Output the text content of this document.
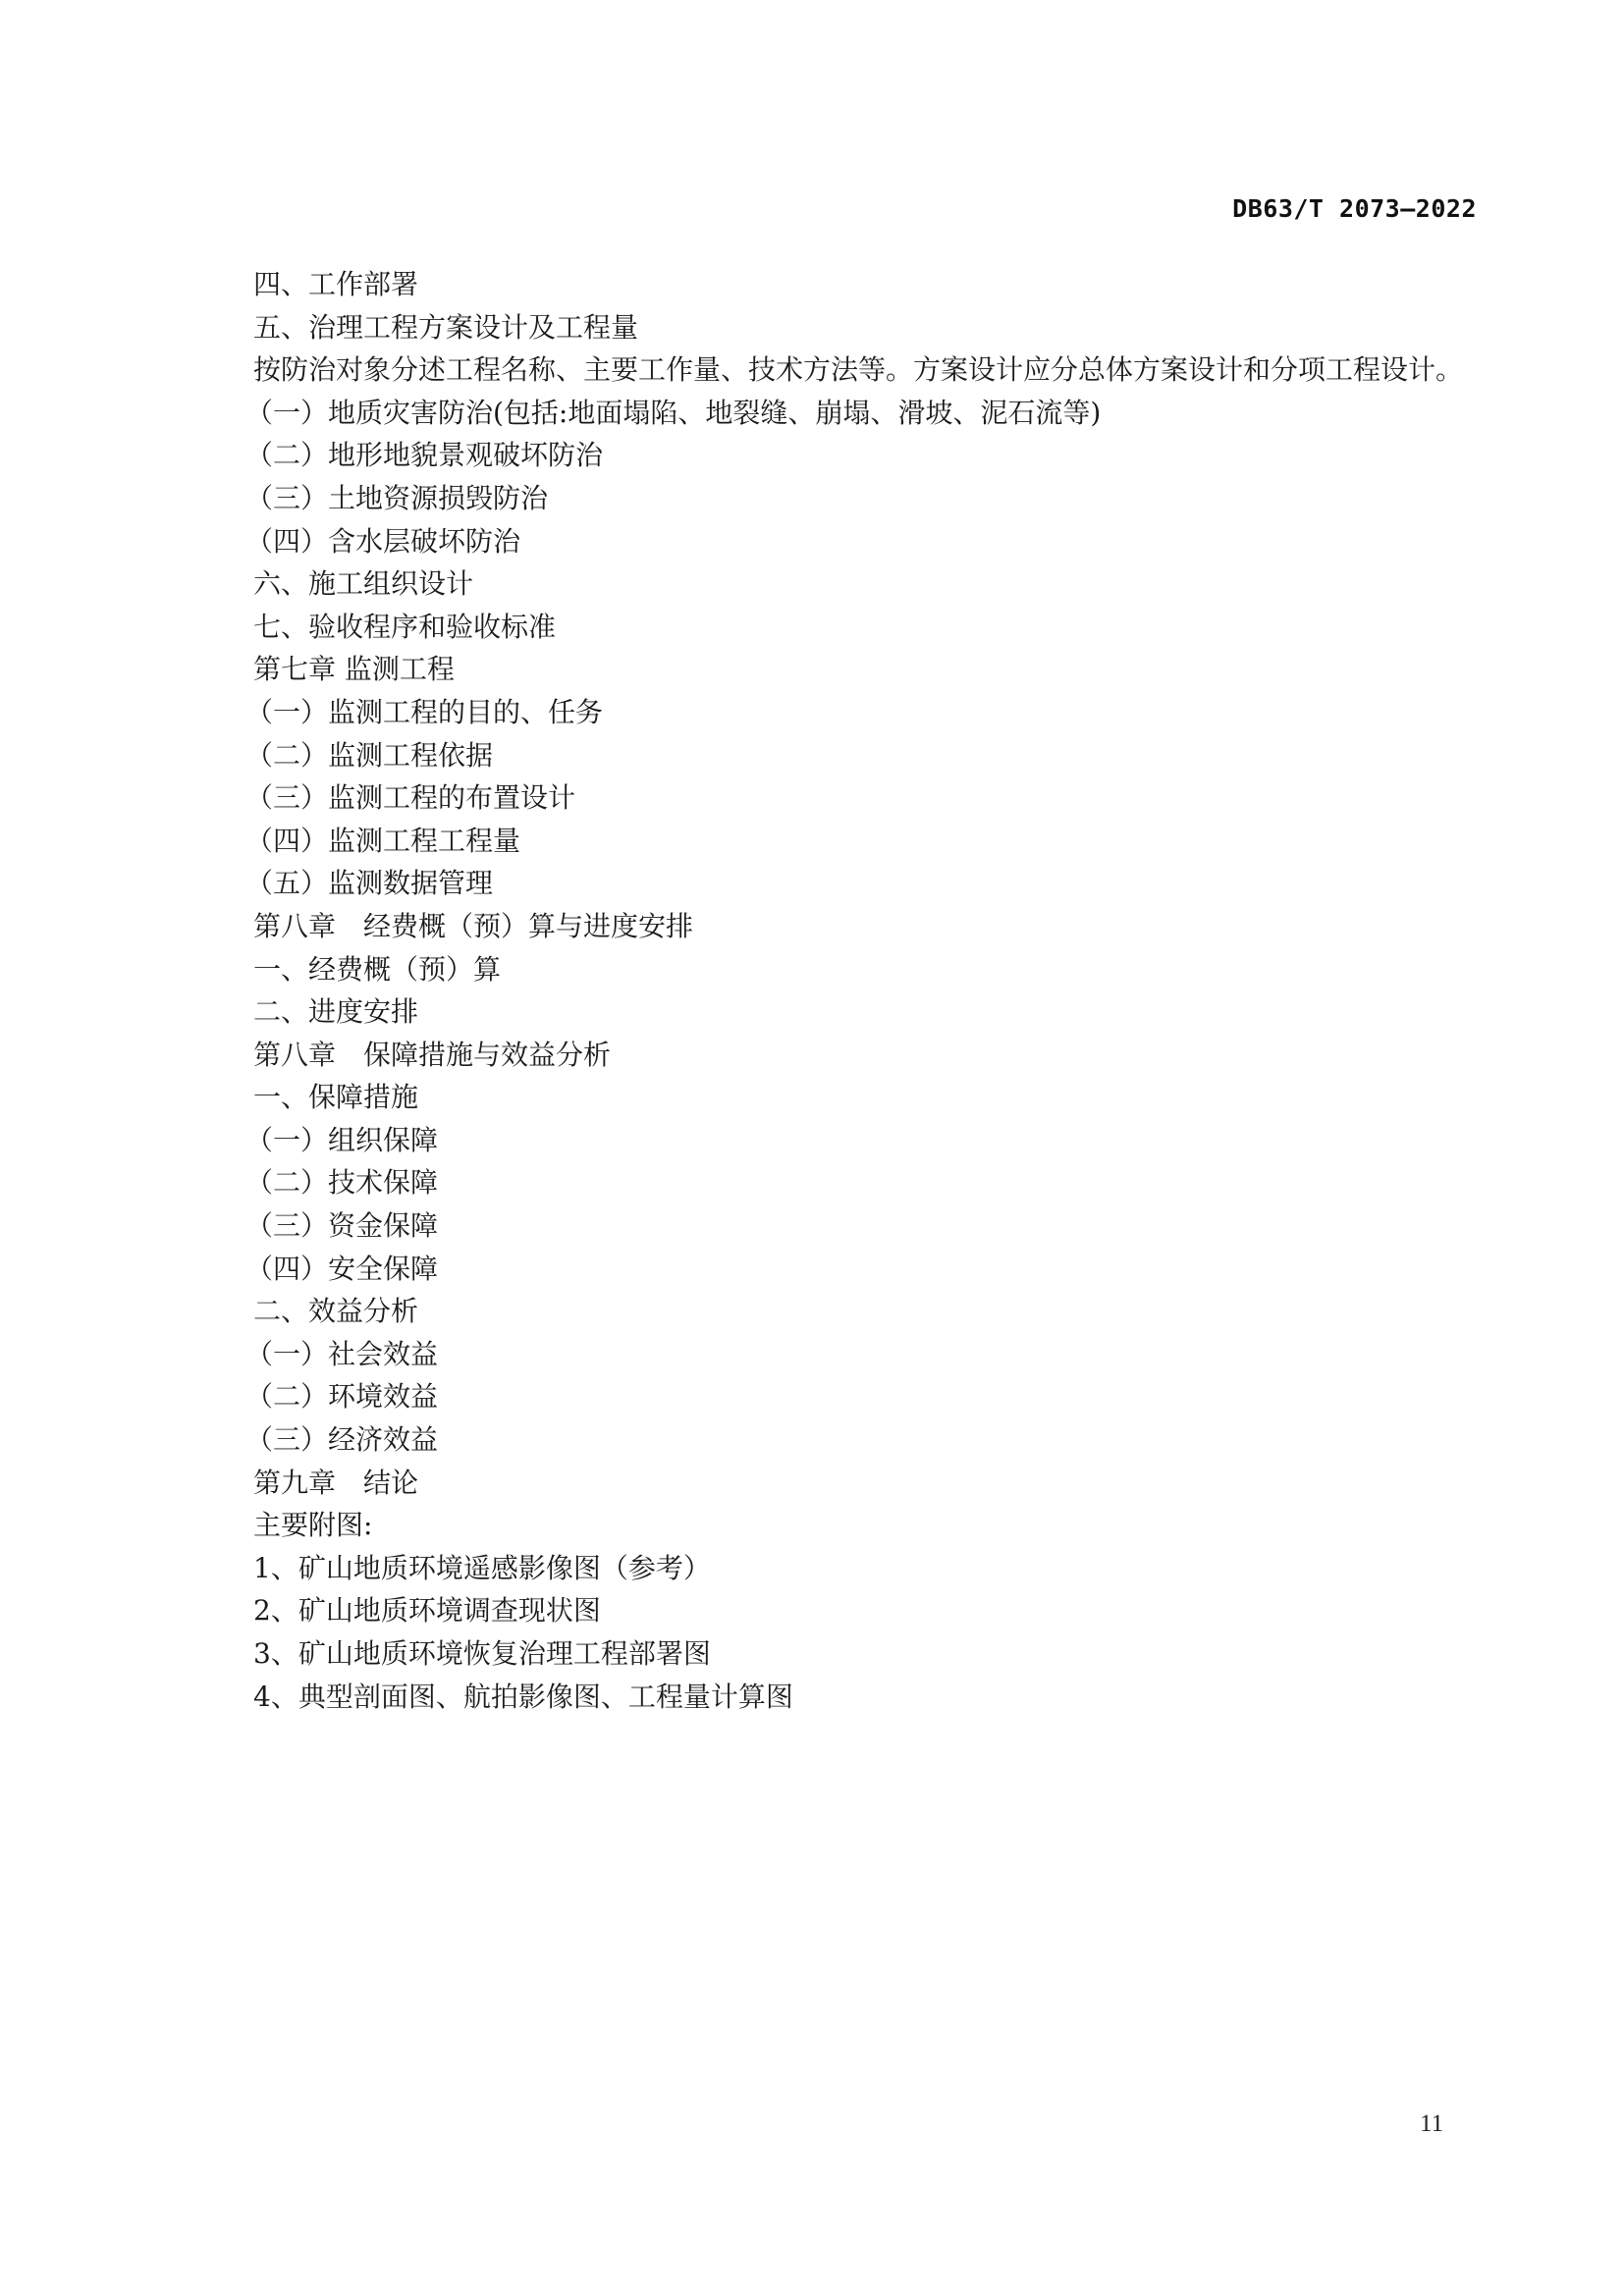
DB63/T 2073—2022
四、工作部署
五、治理工程方案设计及工程量
按防治对象分述工程名称、主要工作量、技术方法等。方案设计应分总体方案设计和分项工程设计。
（一）地质灾害防治(包括:地面塌陷、地裂缝、崩塌、滑坡、泥石流等)
（二）地形地貌景观破坏防治
（三）土地资源损毁防治
（四）含水层破坏防治
六、施工组织设计
七、验收程序和验收标准
第七章 监测工程
（一）监测工程的目的、任务
（二）监测工程依据
（三）监测工程的布置设计
（四）监测工程工程量
（五）监测数据管理
第八章　经费概（预）算与进度安排
一、经费概（预）算
二、进度安排
第八章　保障措施与效益分析
一、保障措施
（一）组织保障
（二）技术保障
（三）资金保障
（四）安全保障
二、效益分析
（一）社会效益
（二）环境效益
（三）经济效益
第九章　结论
主要附图:
1、矿山地质环境遥感影像图（参考）
2、矿山地质环境调查现状图
3、矿山地质环境恢复治理工程部署图
4、典型剖面图、航拍影像图、工程量计算图
11
